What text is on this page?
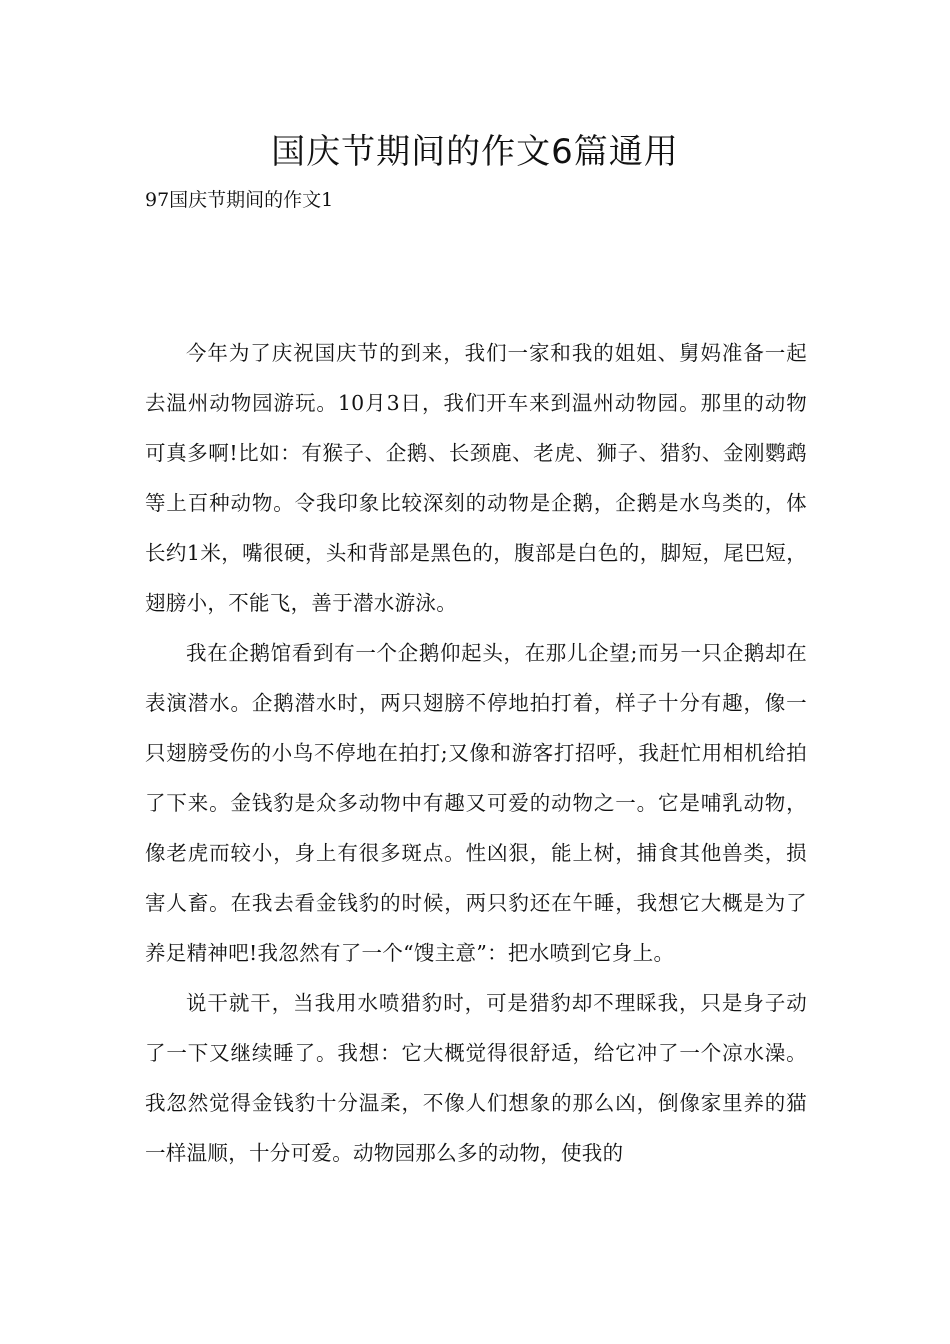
国庆节期间的作文6篇通用

97国庆节期间的作文1

今年为了庆祝国庆节的到来，我们一家和我的姐姐、舅妈准备一起去温州动物园游玩。10月3日，我们开车来到温州动物园。那里的动物可真多啊!比如：有猴子、企鹅、长颈鹿、老虎、狮子、猎豹、金刚鹦鹉等上百种动物。令我印象比较深刻的动物是企鹅，企鹅是水鸟类的，体长约1米，嘴很硬，头和背部是黑色的，腹部是白色的，脚短，尾巴短，翅膀小，不能飞，善于潜水游泳。

我在企鹅馆看到有一个企鹅仰起头，在那儿企望;而另一只企鹅却在表演潜水。企鹅潜水时，两只翅膀不停地拍打着，样子十分有趣，像一只翅膀受伤的小鸟不停地在拍打;又像和游客打招呼，我赶忙用相机给拍了下来。金钱豹是众多动物中有趣又可爱的动物之一。它是哺乳动物，像老虎而较小，身上有很多斑点。性凶狠，能上树，捕食其他兽类，损害人畜。在我去看金钱豹的时候，两只豹还在午睡，我想它大概是为了养足精神吧!我忽然有了一个“馊主意”：把水喷到它身上。

说干就干，当我用水喷猎豹时，可是猎豹却不理睬我，只是身子动了一下又继续睡了。我想：它大概觉得很舒适，给它冲了一个凉水澡。我忽然觉得金钱豹十分温柔，不像人们想象的那么凶，倒像家里养的猫一样温顺，十分可爱。动物园那么多的动物，使我的
